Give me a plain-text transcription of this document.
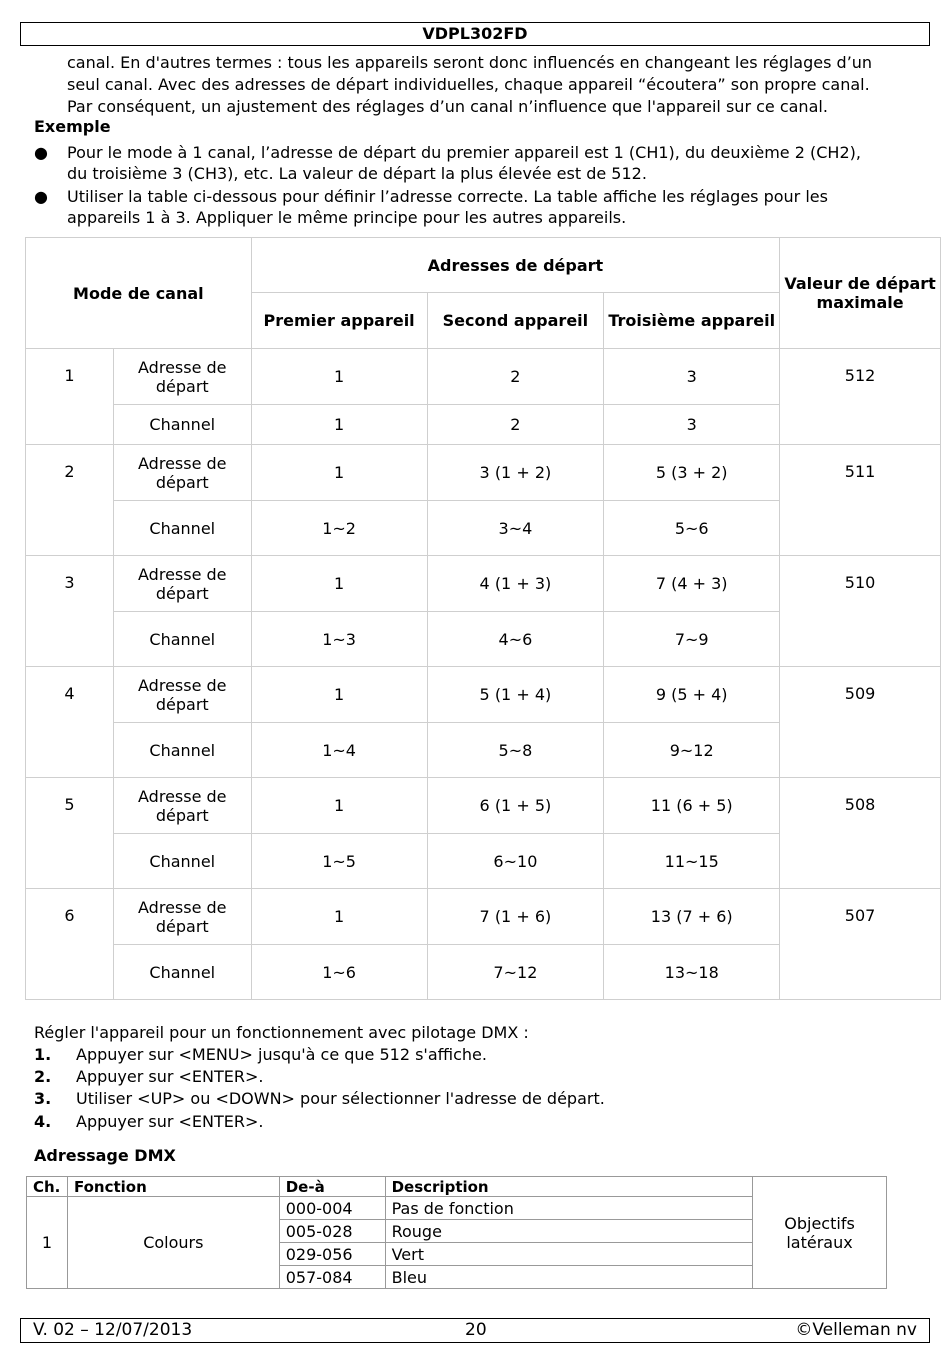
VDPL302FD
canal. En d'autres termes : tous les appareils seront donc influencés en changeant les réglages d’un
seul canal. Avec des adresses de départ individuelles, chaque appareil “écoutera” son propre canal.
Par conséquent, un ajustement des réglages d’un canal n’influence que l'appareil sur ce canal.
Exemple
● Pour le mode à 1 canal, l’adresse de départ du premier appareil est 1 (CH1), du deuxième 2 (CH2),
du troisième 3 (CH3), etc. La valeur de départ la plus élevée est de 512.
● Utiliser la table ci-dessous pour définir l’adresse correcte. La table affiche les réglages pour les
appareils 1 à 3. Appliquer le même principe pour les autres appareils.
Mode de canal		Adresses de départ			Valeur de départ maximale
		Premier appareil	Second appareil	Troisième appareil	
1	Adresse de départ	1	2	3	512
	Channel	1	2	3	
2	Adresse de départ	1	3 (1 + 2)	5 (3 + 2)	511
	Channel	1~2	3~4	5~6	
3	Adresse de départ	1	4 (1 + 3)	7 (4 + 3)	510
	Channel	1~3	4~6	7~9	
4	Adresse de départ	1	5 (1 + 4)	9 (5 + 4)	509
	Channel	1~4	5~8	9~12	
5	Adresse de départ	1	6 (1 + 5)	11 (6 + 5)	508
	Channel	1~5	6~10	11~15	
6	Adresse de départ	1	7 (1 + 6)	13 (7 + 6)	507
	Channel	1~6	7~12	13~18	
Régler l'appareil pour un fonctionnement avec pilotage DMX :
1. Appuyer sur <MENU> jusqu'à ce que 512 s'affiche.
2. Appuyer sur <ENTER>.
3. Utiliser <UP> ou <DOWN> pour sélectionner l'adresse de départ.
4. Appuyer sur <ENTER>.
Adressage DMX
Ch.	Fonction	De-à	Description	Objectifs latéraux
1	Colours	000-004	Pas de fonction	
		005-028	Rouge	
		029-056	Vert	
		057-084	Bleu	
V. 02 – 12/07/2013	20	©Velleman nv
